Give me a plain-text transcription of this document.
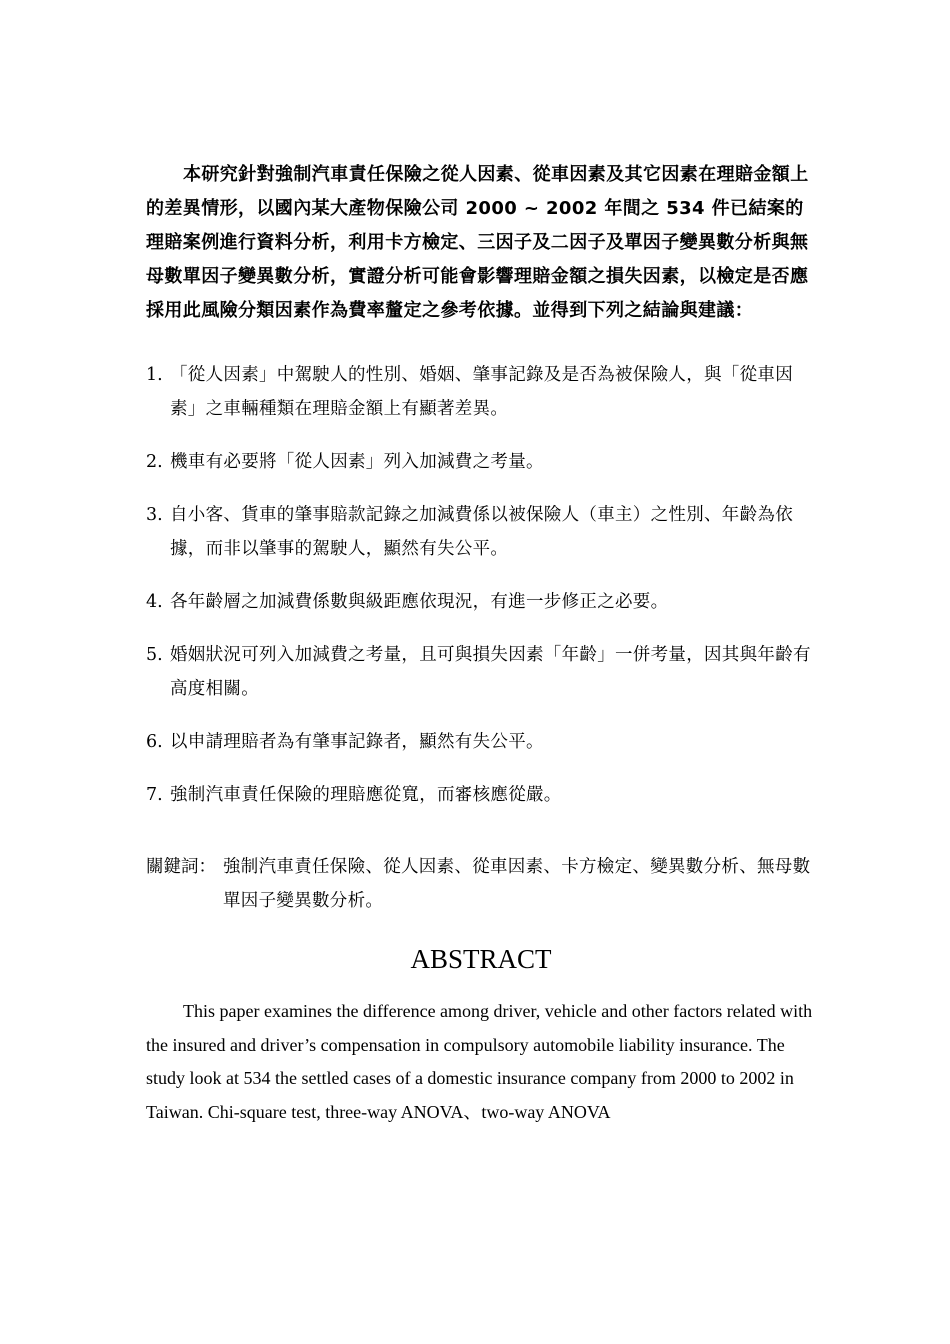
本研究針對強制汽車責任保險之從人因素、從車因素及其它因素在理賠金額上的差異情形，以國內某大產物保險公司 2000 ~ 2002 年間之 534 件已結案的理賠案例進行資料分析，利用卡方檢定、三因子及二因子及單因子變異數分析與無母數單因子變異數分析，實證分析可能會影響理賠金額之損失因素，以檢定是否應採用此風險分類因素作為費率釐定之參考依據。並得到下列之結論與建議：

1. 「從人因素」中駕駛人的性別、婚姻、肇事記錄及是否為被保險人，與「從車因素」之車輛種類在理賠金額上有顯著差異。
2. 機車有必要將「從人因素」列入加減費之考量。
3. 自小客、貨車的肇事賠款記錄之加減費係以被保險人（車主）之性別、年齡為依據，而非以肇事的駕駛人，顯然有失公平。
4. 各年齡層之加減費係數與級距應依現況，有進一步修正之必要。
5. 婚姻狀況可列入加減費之考量，且可與損失因素「年齡」一併考量，因其與年齡有高度相關。
6. 以申請理賠者為有肇事記錄者，顯然有失公平。
7. 強制汽車責任保險的理賠應從寬，而審核應從嚴。
關鍵詞： 強制汽車責任保險、從人因素、從車因素、卡方檢定、變異數分析、無母數單因子變異數分析。
ABSTRACT

This paper examines the difference among driver, vehicle and other factors related with the insured and driver’s compensation in compulsory automobile liability insurance. The study look at 534 the settled cases of a domestic insurance company from 2000 to 2002 in Taiwan. Chi-square test, three-way ANOVA、two-way ANOVA
